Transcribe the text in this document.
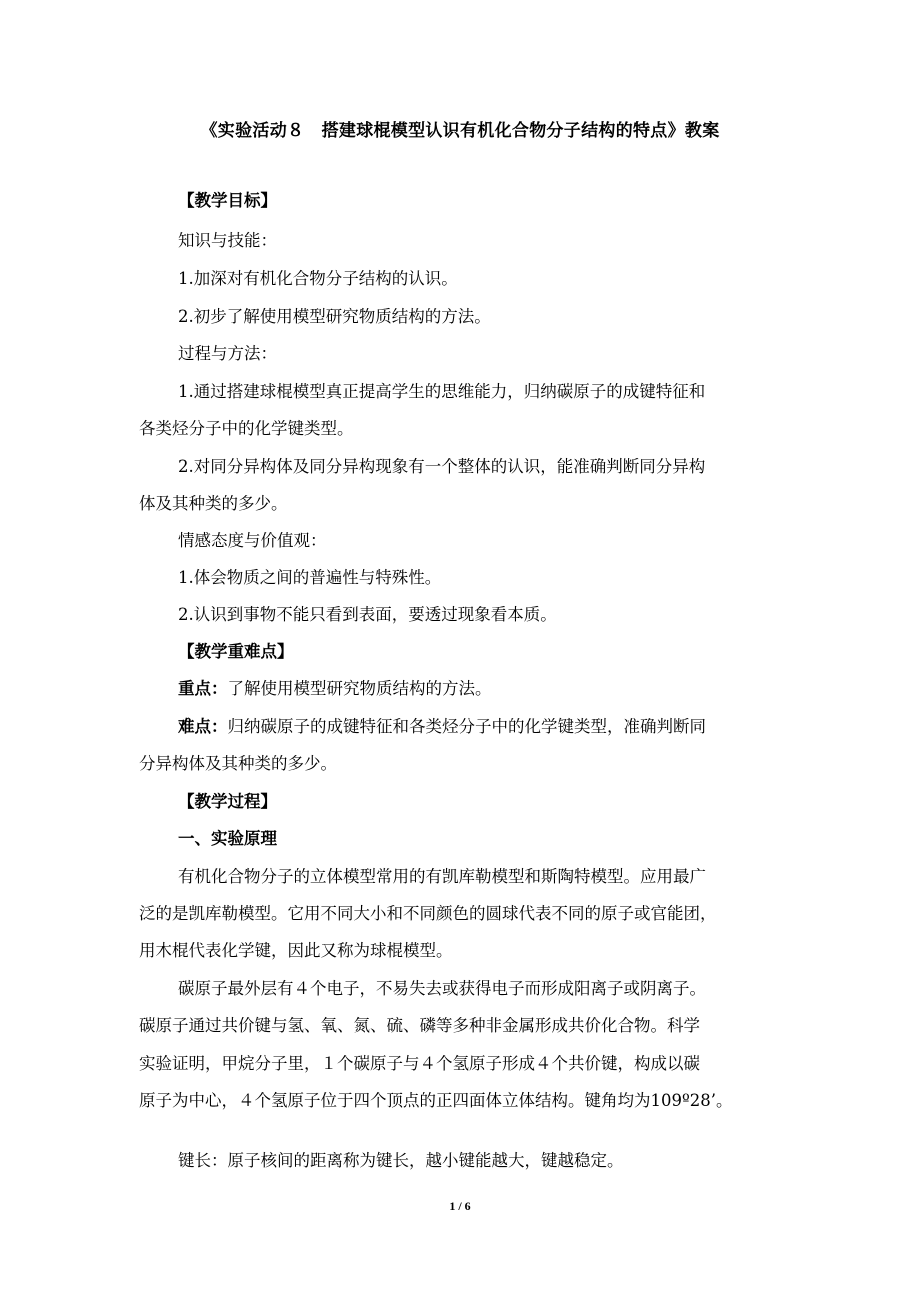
《实验活动８　搭建球棍模型认识有机化合物分子结构的特点》教案
【教学目标】
知识与技能：
1.加深对有机化合物分子结构的认识。
2.初步了解使用模型研究物质结构的方法。
过程与方法：
1.通过搭建球棍模型真正提高学生的思维能力，归纳碳原子的成键特征和
各类烃分子中的化学键类型。
2.对同分异构体及同分异构现象有一个整体的认识，能准确判断同分异构
体及其种类的多少。
情感态度与价值观：
1.体会物质之间的普遍性与特殊性。
2.认识到事物不能只看到表面，要透过现象看本质。
【教学重难点】
重点：了解使用模型研究物质结构的方法。
难点：归纳碳原子的成键特征和各类烃分子中的化学键类型，准确判断同
分异构体及其种类的多少。
【教学过程】
一、实验原理
有机化合物分子的立体模型常用的有凯库勒模型和斯陶特模型。应用最广
泛的是凯库勒模型。它用不同大小和不同颜色的圆球代表不同的原子或官能团，
用木棍代表化学键，因此又称为球棍模型。
碳原子最外层有４个电子，不易失去或获得电子而形成阳离子或阴离子。
碳原子通过共价键与氢、氧、氮、硫、磷等多种非金属形成共价化合物。科学
实验证明，甲烷分子里，１个碳原子与４个氢原子形成４个共价键，构成以碳
原子为中心，４个氢原子位于四个顶点的正四面体立体结构。键角均为109º28’。
键长：原子核间的距离称为键长，越小键能越大，键越稳定。
1 / 6
